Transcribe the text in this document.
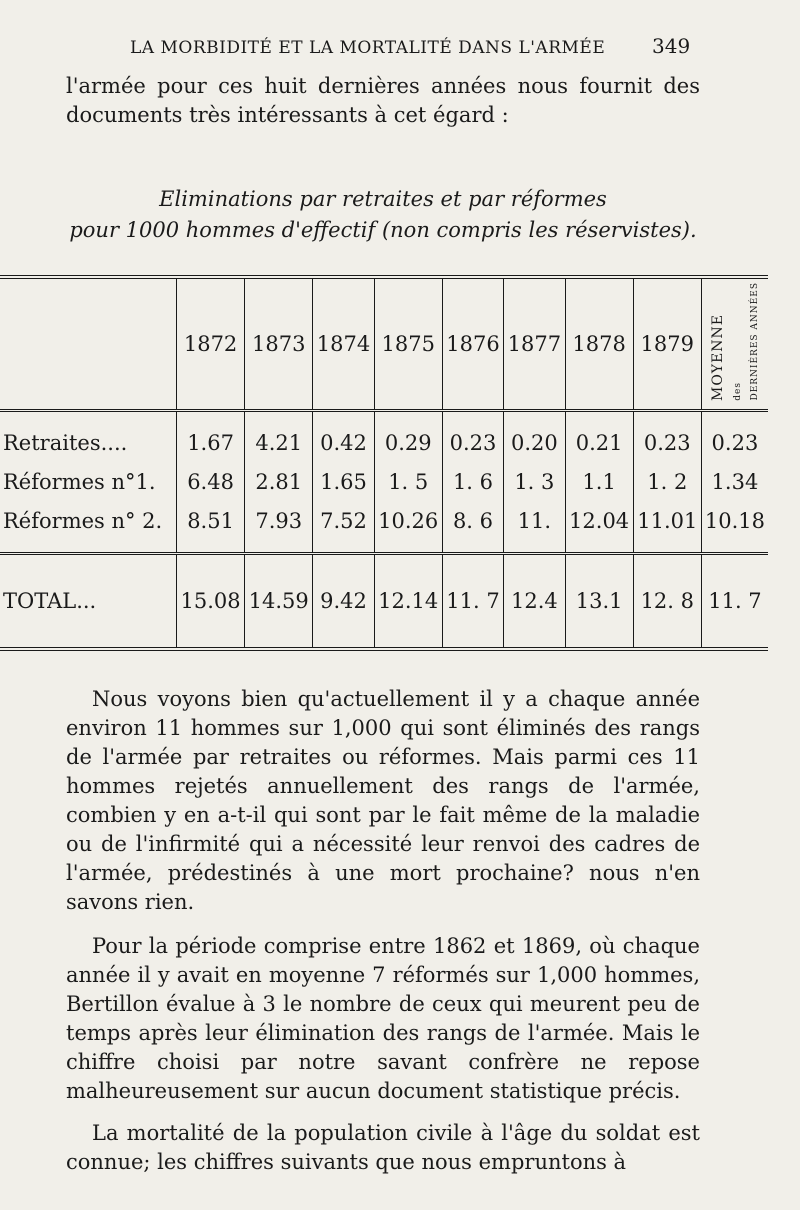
LA MORBIDITÉ ET LA MORTALITÉ DANS L'ARMÉE	349
l'armée pour ces huit dernières années nous fournit des documents très intéressants à cet égard :
Eliminations par retraites et par réformes
pour 1000 hommes d'effectif (non compris les réservistes).
	1872	1873	1874	1875	1876	1877	1878	1879	MOYENNE des DERNIÈRES ANNÉES

Retraites....	1.67	4.21	0.42	0.29	0.23	0.20	0.21	0.23	0.23
Réformes n°1.	6.48	2.81	1.65	1. 5	1. 6	1. 3	1.1	1. 2	1.34
Réformes n° 2.	8.51	7.93	7.52	10.26	8. 6	11.	12.04	11.01	10.18

TOTAL...	15.08	14.59	9.42	12.14	11. 7	12.4	13.1	12. 8	11. 7
Nous voyons bien qu'actuellement il y a chaque année environ 11 hommes sur 1,000 qui sont éliminés des rangs de l'armée par retraites ou réformes. Mais parmi ces 11 hommes rejetés annuellement des rangs de l'armée, combien y en a-t-il qui sont par le fait même de la maladie ou de l'infirmité qui a nécessité leur renvoi des cadres de l'armée, prédestinés à une mort prochaine? nous n'en savons rien.
Pour la période comprise entre 1862 et 1869, où chaque année il y avait en moyenne 7 réformés sur 1,000 hommes, Bertillon évalue à 3 le nombre de ceux qui meurent peu de temps après leur élimination des rangs de l'armée. Mais le chiffre choisi par notre savant confrère ne repose malheureusement sur aucun document statistique précis.
La mortalité de la population civile à l'âge du soldat est connue; les chiffres suivants que nous empruntons à
